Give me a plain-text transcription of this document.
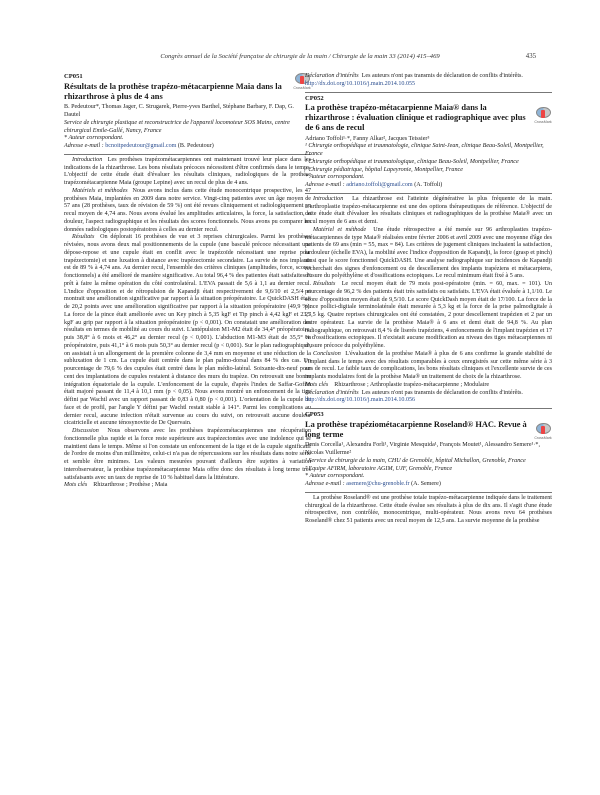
Congrès annuel de la Société française de chirurgie de la main / Chirurgie de la main 33 (2014) 415–469	435
CrossMark

CP051

Résultats de la prothèse trapézo-métacarpienne Maia dans la rhizarthrose à plus de 4 ans

B. Pedeutour*, Thomas Jager, C. Strugarek, Pierre-yves Barthel, Stéphane Barbary, F. Dap, G. Dautel

Service de chirurgie plastique et reconstructrice de l'appareil locomoteur SOS Mains, centre chirurgical Emile-Gallé, Nancy, France

* Auteur correspondant.

Adresse e-mail : bcnoitpedeutour@gmail.com (B. Pedeutour)

Introduction Les prothèses trapézométacarpiennes ont maintenant trouvé leur place dans les indications de la rhizarthrose. Les bons résultats précoces nécessitent d'être confirmés dans le temps. L'objectif de cette étude était d'évaluer les résultats cliniques, radiologiques de la prothèse trapézométacarpienne Maia (groupe Lepine) avec un recul de plus de 4 ans.

Matériels et méthodes Nous avons inclus dans cette étude monocentrique prospective, les 47 prothèses Maia, implantées en 2009 dans notre service. Vingt-cinq patientes avec un âge moyen de 57 ans (28 prothèses, taux de révision de 59 %) ont été revues cliniquement et radiologiquement au recul moyen de 4,74 ans. Nous avons évalué les amplitudes articulaires, la force, la satisfaction, la douleur, l'aspect radiographique et les résultats des scores fonctionnels. Nous avons pu comparer les données radiologiques postopératoires à celles au dernier recul.

Résultats On déplorait 16 prothèses de vue et 3 reprises chirurgicales. Parmi les prothèses révisées, nous avons deux mal positionnements de la cupule (une basculé précoce nécessitant une dépose-repose et une cupule était en conflit avec le trapézoïde nécessitant une reprise pour trapézectomie) et une luxation à distance avec trapézectomie secondaire. La survie de nos implants est de 89 % à 4,74 ans. Au dernier recul, l'ensemble des critères cliniques (amplitudes, force, scores fonctionnels) a été amélioré de manière significative. Au total 96,4 % des patientes était satisfaites et prêt à faire la même opération du côté controlatéral. L'EVA passait de 5,6 à 1,1 au dernier recul. L'indice d'opposition et de rétropulsion de Kapandji était respectivement de 9,6/10 et 2,5/4 et montrait une amélioration significative par rapport à la situation préopératoire. Le QuickDASH était de 20,2 points avec une amélioration significative par rapport à la situation préopératoire (49,9 %). La force de la pince était améliorée avec un Key pinch à 5,35 kgF et Tip pinch à 4,42 kgF et 23,7 kgF au grip par rapport à la situation préopératoire (p < 0,001). On constatait une amélioration des résultats en termes de mobilité au cours du suivi. L'antépulsion M1-M2 était de 34,4° préopératoire, puis 38,8° à 6 mois et 46,2° au dernier recul (p < 0,001). L'abduction M1-M3 était de 35,5° en préopératoire, puis 41,1° à 6 mois puis 50,3° au dernier recul (p < 0,001). Sur le plan radiographique, on assistait à un allongement de la première colonne de 3,4 mm en moyenne et une réduction de la subluxation de 1 cm. La cupule était centrée dans le plan palmo-dorsal dans 84 % des cas. Un pourcentage de 79,6 % des cupules était centré dans le plan médio-latéral. Soixante-dix-neuf pour cent des implantations de cupules restaient à distance des murs du trapèze. On retrouvait une bonne intégration équatoriale de la cupule. L'enfoncement de la cupule, d'après l'index de Saffar-Goffin était majoré passant de 11,4 à 10,1 mm (p < 0,05). Nous avons montré un enfoncement de la tige défini par Wachtl avec un rapport passant de 0,83 à 0,80 (p < 0,001). L'orientation de la cupule de face et de profil, par l'angle Y défini par Wachtl restait stable à 141°. Parmi les complications au dernier recul, aucune infection n'était survenue au cours du suivi, on retrouvait aucune douleur cicatricielle et aucune ténosynovite de De Quervain.

Discussion Nous observons avec les prothèses trapézométacarpiennes une récupération fonctionnelle plus rapide et la force reste supérieure aux trapézectomies avec une indolence qui se maintient dans le temps. Même si l'on constate un enfoncement de la tige et de la cupule significatif de l'ordre de moins d'un millimètre, celui-ci n'a pas de répercussions sur les résultats dans notre série et semble être minimes. Les valeurs mesurées pouvant d'ailleurs être sujettes à variation interobservateur, la prothèse trapézométacarpienne Maia offre donc des résultats à long terme très satisfaisants avec un taux de reprise de 10 % habituel dans la littérature.

Mots clés Rhizarthrose ; Prothèse ; Maia

Déclaration d'intérêts Les auteurs n'ont pas transmis de déclaration de conflits d'intérêts.

http://dx.doi.org/10.1016/j.main.2014.10.055

CrossMark

CP052

La prothèse trapézo-métacarpienne Maia® dans la rhizarthrose : évaluation clinique et radiographique avec plus de 6 ans de recul

Adriano Toffoli¹·*, Fanny Alkar², Jacques Teissier³

¹ Chirurgie orthopédique et traumatologie, clinique Saint-Jean, clinique Beau-Soleil, Montpellier, France

² Chirurgie orthopédique et traumatologique, clinique Beau-Soleil, Montpellier, France

³ Chirurgie pédiatrique, hôpital Lapeyronie, Montpellier, France

* Auteur correspondant.

Adresse e-mail : adriano.toffoli@gmail.com (A. Toffoli)

Introduction La rhizarthrose est l'atteinte dégénérative la plus fréquente de la main. L'arthroplastie trapézo-métacarpienne est une des options thérapeutiques de référence. L'objectif de cette étude était d'évaluer les résultats cliniques et radiographiques de la prothèse Maia® avec un recul moyen de 6 ans et demi.

Matériel et méthode Une étude rétrospective a été menée sur 96 arthroplasties trapézo-métacarpiennes de type Maia® réalisées entre février 2006 et avril 2009 avec une moyenne d'âge des patients de 69 ans (min = 55, max = 84). Les critères de jugement cliniques incluaient la satisfaction, la douleur (échelle EVA), la mobilité avec l'indice d'opposition de Kapandji, la force (grasp et pinch) ainsi que le score fonctionnel QuickDASH. Une analyse radiographique sur incidences de Kapandji recherchait des signes d'enfoncement ou de descellement des implants trapéziens et métacarpiens, d'usure du polyéthylène et d'ossifications ectopiques. Le recul minimum était fixé à 5 ans.

Résultats Le recul moyen était de 79 mois post-opératoire (min. = 60, max. = 101). Un pourcentage de 96,2 % des patients était très satisfaits ou satisfaits. L'EVA était évaluée à 1,1/10. Le score d'opposition moyen était de 9,5/10. Le score QuickDash moyen était de 17/100. La force de la pince pollici-digitale terminolatérale était mesurée à 5,3 kg et la force de la prise palmodigitale à 25,5 kg. Quatre reprises chirurgicales ont été constatées, 2 pour descellement trapézien et 2 par un autre opérateur. La survie de la prothèse Maia® à 6 ans et demi était de 94,8 %. Au plan radiographique, on retrouvait 8,4 % de liserés trapéziens, 4 enfoncements de l'implant trapézien et 17 % d'ossifications ectopiques. Il n'existait aucune modification au niveau des tiges métacarpiennes ni d'usure précoce du polyéthylène.

Conclusion L'évaluation de la prothèse Maia® à plus de 6 ans confirme la grande stabilité de l'implant dans le temps avec des résultats comparables à ceux enregistrés sur cette même série à 3 ans de recul. Le faible taux de complications, les bons résultats cliniques et l'excellente survie de ces implants modulaires font de la prothèse Maia® un traitement de choix de la rhizarthrose.

Mots clés Rhizarthrose ; Arthroplastie trapézo-métacarpienne ; Modulaire

Déclaration d'intérêts Les auteurs n'ont pas transmis de déclaration de conflits d'intérêts.

http://dx.doi.org/10.1016/j.main.2014.10.056

CrossMark

CP053

La prothèse trapéziométacarpienne Roseland® HAC. Revue à long terme

Denis Corcella¹, Alexandra Forli¹, Virginie Mesquida¹, François Moutet¹, Alessandro Semere¹·*, Nicolas Vuillerme²

¹ Service de chirurgie de la main, CHU de Grenoble, hôpital Michallon, Grenoble, France

² Equipe AFIRM, laboratoire AGIM, UJF, Grenoble, France

* Auteur correspondant.

Adresse e-mail : asemere@chu-grenoble.fr (A. Semere)

La prothèse Roseland® est une prothèse totale trapézo-métacarpienne indiquée dans le traitement chirurgical de la rhizarthrose. Cette étude évalue ses résultats à plus de dix ans. Il s'agit d'une étude rétrospective, non contrôlée, monocentrique, multi-opérateur. Nous avons revu 64 prothèses Roseland® chez 51 patients avec un recul moyen de 12,5 ans. La survie moyenne de la prothèse
